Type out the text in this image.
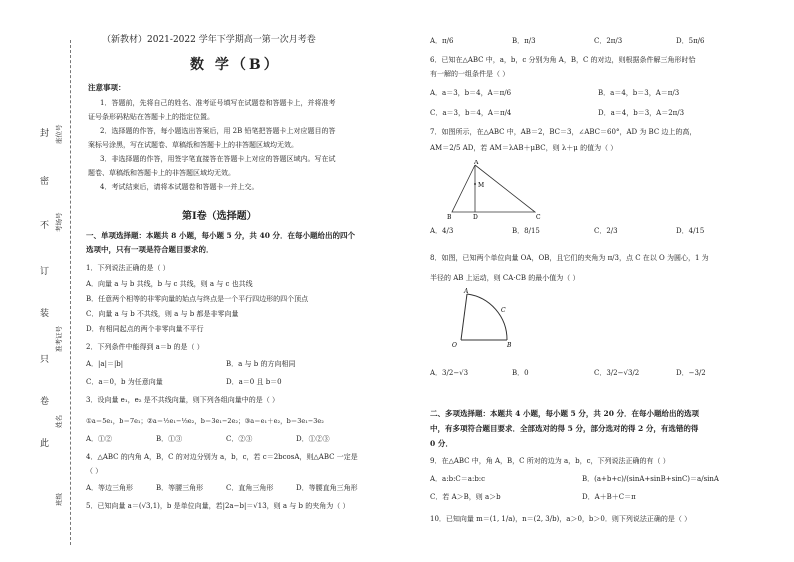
封
密
不
订
装
只
卷
此
班级
姓名
准考证号
考场号
座位号
（新教材）2021-2022 学年下学期高一第一次月考卷
数 学（B）
注意事项：
1．答题前，先将自己的姓名、准考证号填写在试题卷和答题卡上，并将准考
证号条形码粘贴在答题卡上的指定位置。
2．选择题的作答，每小题选出答案后，用 2B 铅笔把答题卡上对应题目的答
案标号涂黑，写在试题卷、草稿纸和答题卡上的非答题区域均无效。
3．非选择题的作答，用签字笔直接答在答题卡上对应的答题区域内。写在试
题卷、草稿纸和答题卡上的非答题区域均无效。
4．考试结束后，请将本试题卷和答题卡一并上交。
第Ⅰ卷（选择题）
一、单项选择题：本题共 8 小题，每小题 5 分，共 40 分．在每小题给出的四个
选项中，只有一项是符合题目要求的．
1．下列说法正确的是（ ）
A．向量 a 与 b 共线，b 与 c 共线，则 a 与 c 也共线
B．任意两个相等的非零向量的始点与终点是一个平行四边形的四个顶点
C．向量 a 与 b 不共线，则 a 与 b 都是非零向量
D．有相同起点的两个非零向量不平行
2．下列条件中能得到 a＝b 的是（ ）
A．|a|＝|b|	B．a 与 b 的方向相同
C．a＝0，b 为任意向量	D．a＝0 且 b＝0
3．设向量 e₁，e₂ 是不共线向量，则下列各组向量中的是（ ）
①a＝5e₁，b＝7e₁；②a＝½e₁−⅓e₂，b＝3e₁−2e₂；③a＝e₁＋e₂，b＝3e₁−3e₂
A．①②	B．①③	C．②③	D．①②③
4．△ABC 的内角 A，B，C 的对边分别为 a，b，c，若 c＝2bcosA，则△ABC 一定是
（ ）
A．等边三角形	B．等腰三角形	C．直角三角形	D．等腰直角三角形
5．已知向量 a＝(√3,1)，b 是单位向量，若|2a−b|＝√13，则 a 与 b 的夹角为（ ）
A．π/6	B．π/3	C．2π/3	D．5π/6
6．已知在△ABC 中，a，b，c 分别为角 A，B，C 的对边，则根据条件解三角形时恰
有一解的一组条件是（ ）
A．a＝3，b＝4，A＝π/6	B．a＝4，b＝3，A＝π/3
C．a＝3，b＝4，A＝π/4	D．a＝4，b＝3，A＝2π/3
7．如图所示，在△ABC 中，AB＝2，BC＝3，∠ABC＝60°，AD 为 BC 边上的高，
AM＝2/5 AD，若 AM＝λAB＋μBC，则 λ＋μ 的值为（ ）
A
M
B	D	C
A．4/3	B．8/15	C．2/3	D．4/15
8．如图，已知两个单位向量 OA，OB，且它们的夹角为 π/3，点 C 在以 O 为圆心，1 为
半径的 AB 上运动，则 CA·CB 的最小值为（ ）
A
C
O	B
A．3/2−√3	B．0	C．3/2−√3/2	D．−3/2
二、多项选择题：本题共 4 小题，每小题 5 分，共 20 分．在每小题给出的选项
中，有多项符合题目要求．全部选对的得 5 分，部分选对的得 2 分，有选错的得
0 分．
9．在△ABC 中，角 A，B，C 所对的边为 a，b，c，下列说法正确的有（ ）
A．a:b:C＝a:b:c	B．(a+b+c)/(sinA+sinB+sinC)＝a/sinA
C．若 A＞B，则 a＞b	D．A＋B＋C＝π
10．已知向量 m＝(1, 1/a)，n＝(2, 3/b)，a＞0，b＞0．则下列说法正确的是（ ）
